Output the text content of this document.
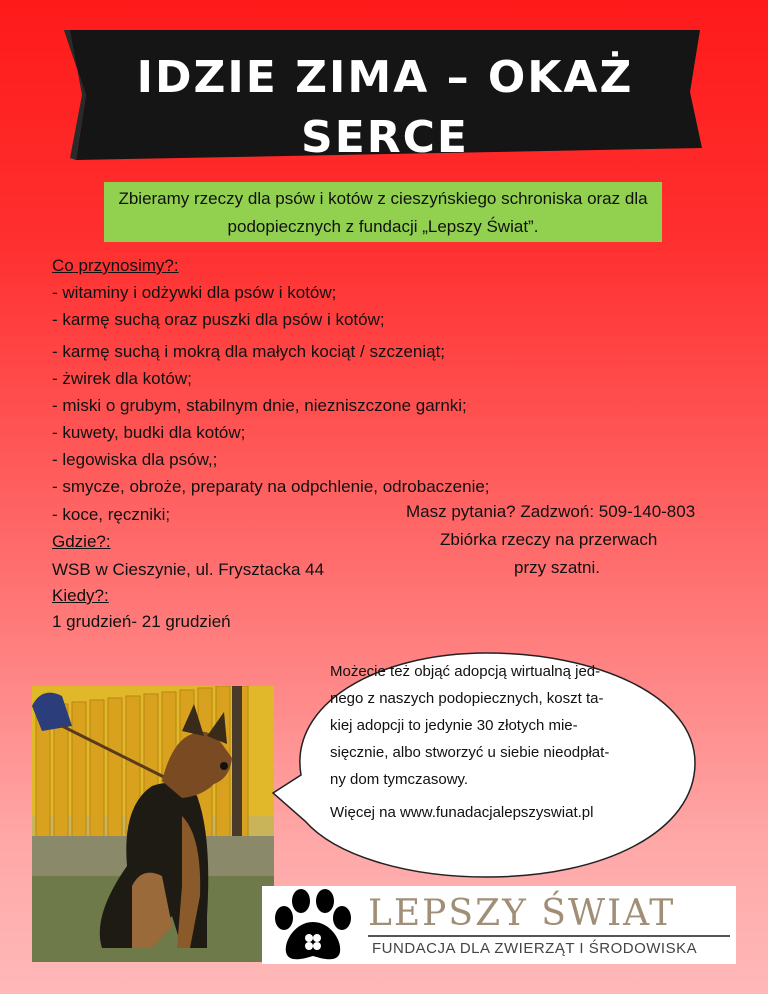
IDZIE ZIMA – OKAŻ
SERCE
Zbieramy rzeczy dla psów i kotów z cieszyńskiego schroniska oraz dla podopiecznych z fundacji „Lepszy Świat”.
Co przynosimy?:
- witaminy i odżywki dla psów i kotów;
- karmę suchą oraz puszki dla psów i kotów;
- karmę suchą i mokrą dla małych kociąt / szczeniąt;
- żwirek dla kotów;
- miski o grubym, stabilnym dnie, niezniszczone garnki;
- kuwety, budki dla kotów;
- legowiska dla psów,;
- smycze, obroże, preparaty na odpchlenie, odrobaczenie;
- koce, ręczniki;	Masz pytania? Zadzwoń: 509-140-803
Zbiórka rzeczy na przerwach
przy szatni.
Gdzie?:
WSB w Cieszynie, ul. Frysztacka 44
Kiedy?:
1 grudzień- 21 grudzień
Możecie też objąć adopcją wirtualną jed-
nego z naszych podopiecznych, koszt ta-
kiej adopcji to jedynie 30 złotych mie-
sięcznie, albo stworzyć u siebie nieodpłat-
ny dom tymczasowy.
Więcej na www.funadacjalepszyswiat.pl
LEPSZY ŚWIAT
FUNDACJA DLA ZWIERZĄT I ŚRODOWISKA
